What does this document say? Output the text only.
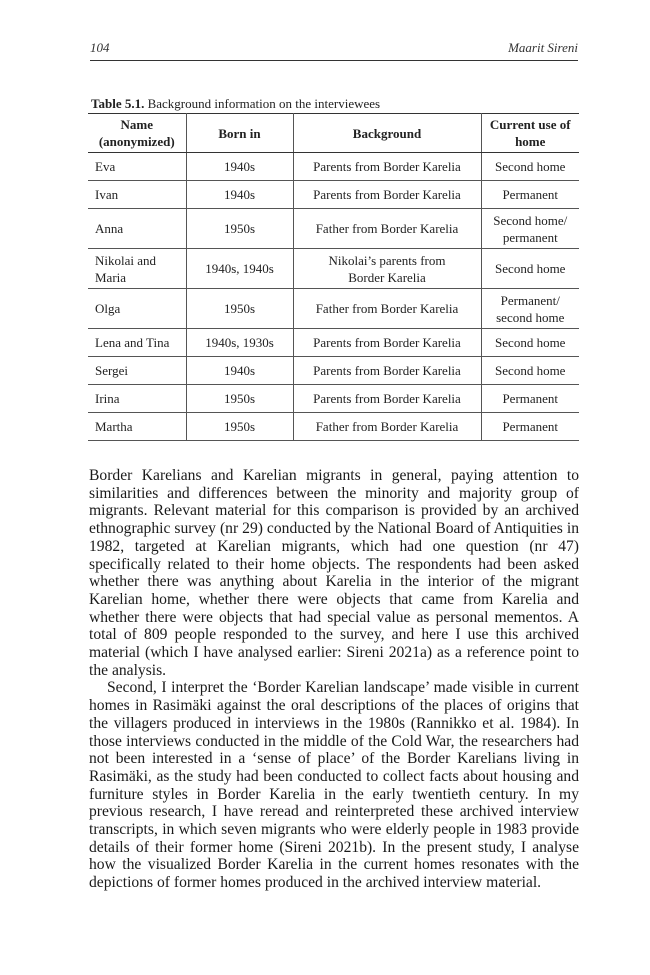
104	Maarit Sireni
Table 5.1. Background information on the interviewees
Name
(anonymized)	Born in	Background	Current use of
home
Eva	1940s	Parents from Border Karelia	Second home
Ivan	1940s	Parents from Border Karelia	Permanent
Anna	1950s	Father from Border Karelia	Second home/
permanent
Nikolai and
Maria	1940s, 1940s	Nikolai’s parents from
Border Karelia	Second home
Olga	1950s	Father from Border Karelia	Permanent/
second home
Lena and Tina	1940s, 1930s	Parents from Border Karelia	Second home
Sergei	1940s	Parents from Border Karelia	Second home
Irina	1950s	Parents from Border Karelia	Permanent
Martha	1950s	Father from Border Karelia	Permanent

Border Karelians and Karelian migrants in general, paying attention to similarities and differences between the minority and majority group of migrants. Relevant material for this comparison is provided by an archived ethnographic survey (nr 29) conducted by the National Board of Antiquities in 1982, targeted at Karelian migrants, which had one question (nr 47) specifically related to their home objects. The respondents had been asked whether there was anything about Karelia in the interior of the migrant Karelian home, whether there were objects that came from Karelia and whether there were objects that had special value as personal mementos. A total of 809 people responded to the survey, and here I use this archived material (which I have analysed earlier: Sireni 2021a) as a reference point to the analysis.

Second, I interpret the ‘Border Karelian landscape’ made visible in current homes in Rasimäki against the oral descriptions of the places of origins that the villagers produced in interviews in the 1980s (Rannikko et al. 1984). In those interviews conducted in the middle of the Cold War, the researchers had not been interested in a ‘sense of place’ of the Border Karelians living in Rasimäki, as the study had been conducted to collect facts about housing and furniture styles in Border Karelia in the early twentieth century. In my previous research, I have reread and reinterpreted these archived interview transcripts, in which seven migrants who were elderly people in 1983 provide details of their former home (Sireni 2021b). In the present study, I analyse how the visualized Border Karelia in the current homes resonates with the depictions of former homes produced in the archived interview material.
